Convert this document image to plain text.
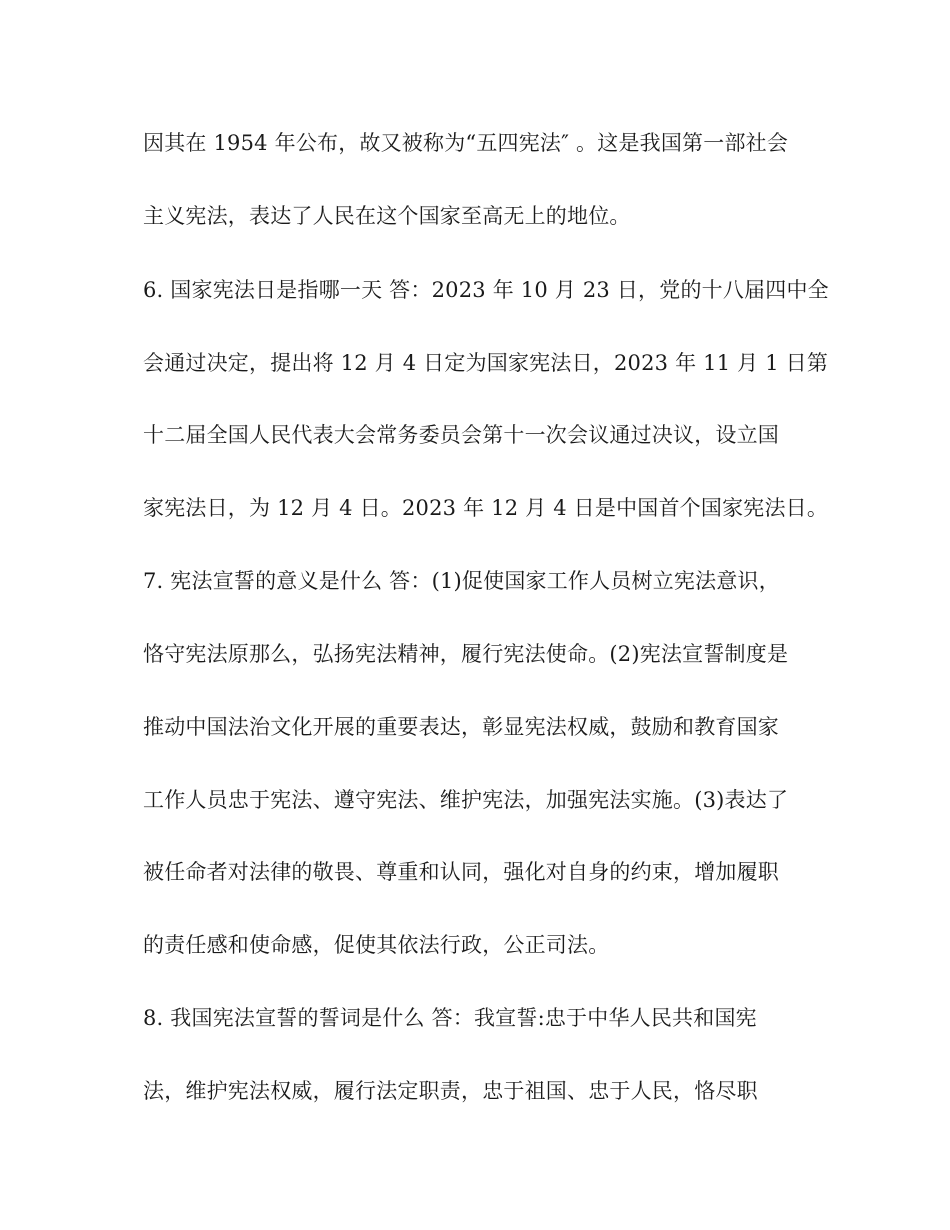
因其在 1954 年公布，故又被称为“五四宪法″ 。这是我国第一部社会
主义宪法，表达了人民在这个国家至高无上的地位。
6. 国家宪法日是指哪一天 答：2023 年 10 月 23 日，党的十八届四中全
会通过决定，提出将 12 月 4 日定为国家宪法日，2023 年 11 月 1 日第
十二届全国人民代表大会常务委员会第十一次会议通过决议，设立国
家宪法日，为 12 月 4 日。2023 年 12 月 4 日是中国首个国家宪法日。
7. 宪法宣誓的意义是什么 答：(1)促使国家工作人员树立宪法意识，
恪守宪法原那么，弘扬宪法精神，履行宪法使命。(2)宪法宣誓制度是
推动中国法治文化开展的重要表达，彰显宪法权威，鼓励和教育国家
工作人员忠于宪法、遵守宪法、维护宪法，加强宪法实施。(3)表达了
被任命者对法律的敬畏、尊重和认同，强化对自身的约束，增加履职
的责任感和使命感，促使其依法行政，公正司法。
8. 我国宪法宣誓的誓词是什么 答：我宣誓:忠于中华人民共和国宪
法，维护宪法权威，履行法定职责，忠于祖国、忠于人民，恪尽职
